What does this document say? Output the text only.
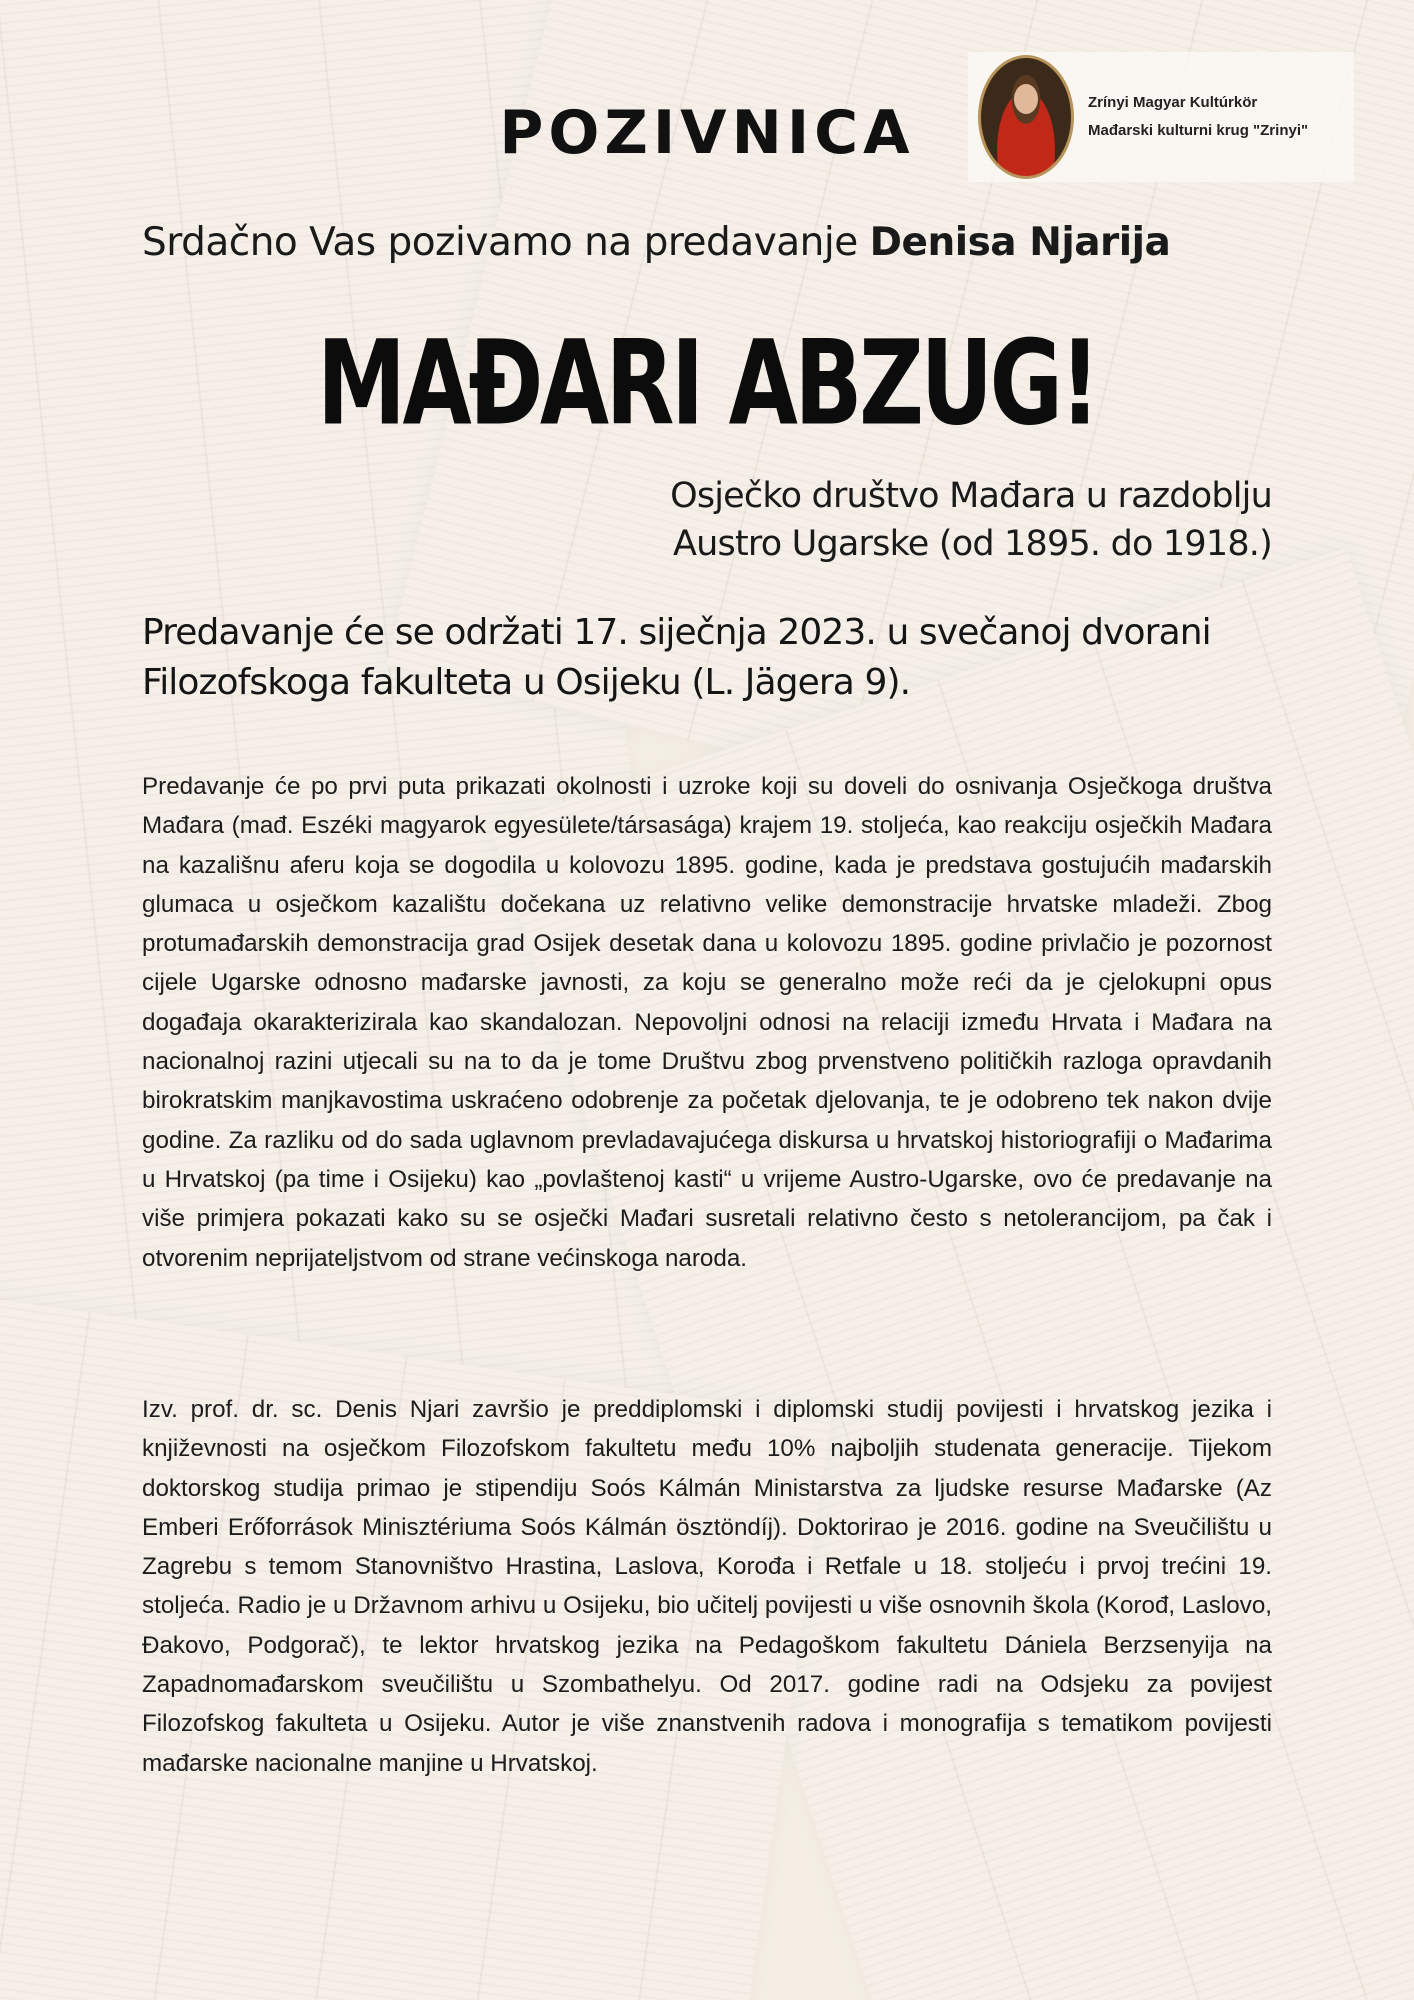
Zrínyi Magyar Kultúrkör
Mađarski kulturni krug "Zrinyi"
POZIVNICA
Srdačno Vas pozivamo na predavanje Denisa Njarija
MAĐARI ABZUG!
Osječko društvo Mađara u razdoblju
Austro Ugarske (od 1895. do 1918.)
Predavanje će se održati 17. siječnja 2023. u svečanoj dvorani Filozofskoga fakulteta u Osijeku (L. Jägera 9).

Predavanje će po prvi puta prikazati okolnosti i uzroke koji su doveli do osnivanja Osječkoga društva Mađara (mađ. Eszéki magyarok egyesülete/társasága) krajem 19. stoljeća, kao reakciju osječkih Mađara na kazališnu aferu koja se dogodila u kolovozu 1895. godine, kada je predstava gostujućih mađarskih glumaca u osječkom kazalištu dočekana uz relativno velike demonstracije hrvatske mladeži. Zbog protumađarskih demonstracija grad Osijek desetak dana u kolovozu 1895. godine privlačio je pozornost cijele Ugarske odnosno mađarske javnosti, za koju se generalno može reći da je cjelokupni opus događaja okarakterizirala kao skandalozan. Nepovoljni odnosi na relaciji između Hrvata i Mađara na nacionalnoj razini utjecali su na to da je tome Društvu zbog prvenstveno političkih razloga opravdanih birokratskim manjkavostima uskraćeno odobrenje za početak djelovanja, te je odobreno tek nakon dvije godine. Za razliku od do sada uglavnom prevladavajućega diskursa u hrvatskoj historiografiji o Mađarima u Hrvatskoj (pa time i Osijeku) kao „povlaštenoj kasti“ u vrijeme Austro-Ugarske, ovo će predavanje na više primjera pokazati kako su se osječki Mađari susretali relativno često s netolerancijom, pa čak i otvorenim neprijateljstvom od strane većinskoga naroda.

Izv. prof. dr. sc. Denis Njari završio je preddiplomski i diplomski studij povijesti i hrvatskog jezika i književnosti na osječkom Filozofskom fakultetu među 10% najboljih studenata generacije. Tijekom doktorskog studija primao je stipendiju Soós Kálmán Ministarstva za ljudske resurse Mađarske (Az Emberi Erőforrások Minisztériuma Soós Kálmán ösztöndíj). Doktorirao je 2016. godine na Sveučilištu u Zagrebu s temom Stanovništvo Hrastina, Laslova, Korođa i Retfale u 18. stoljeću i prvoj trećini 19. stoljeća. Radio je u Državnom arhivu u Osijeku, bio učitelj povijesti u više osnovnih škola (Korođ, Laslovo, Đakovo, Podgorač), te lektor hrvatskog jezika na Pedagoškom fakultetu Dániela Berzsenyija na Zapadnomađarskom sveučilištu u Szombathelyu. Od 2017. godine radi na Odsjeku za povijest Filozofskog fakulteta u Osijeku. Autor je više znanstvenih radova i monografija s tematikom povijesti mađarske nacionalne manjine u Hrvatskoj.
